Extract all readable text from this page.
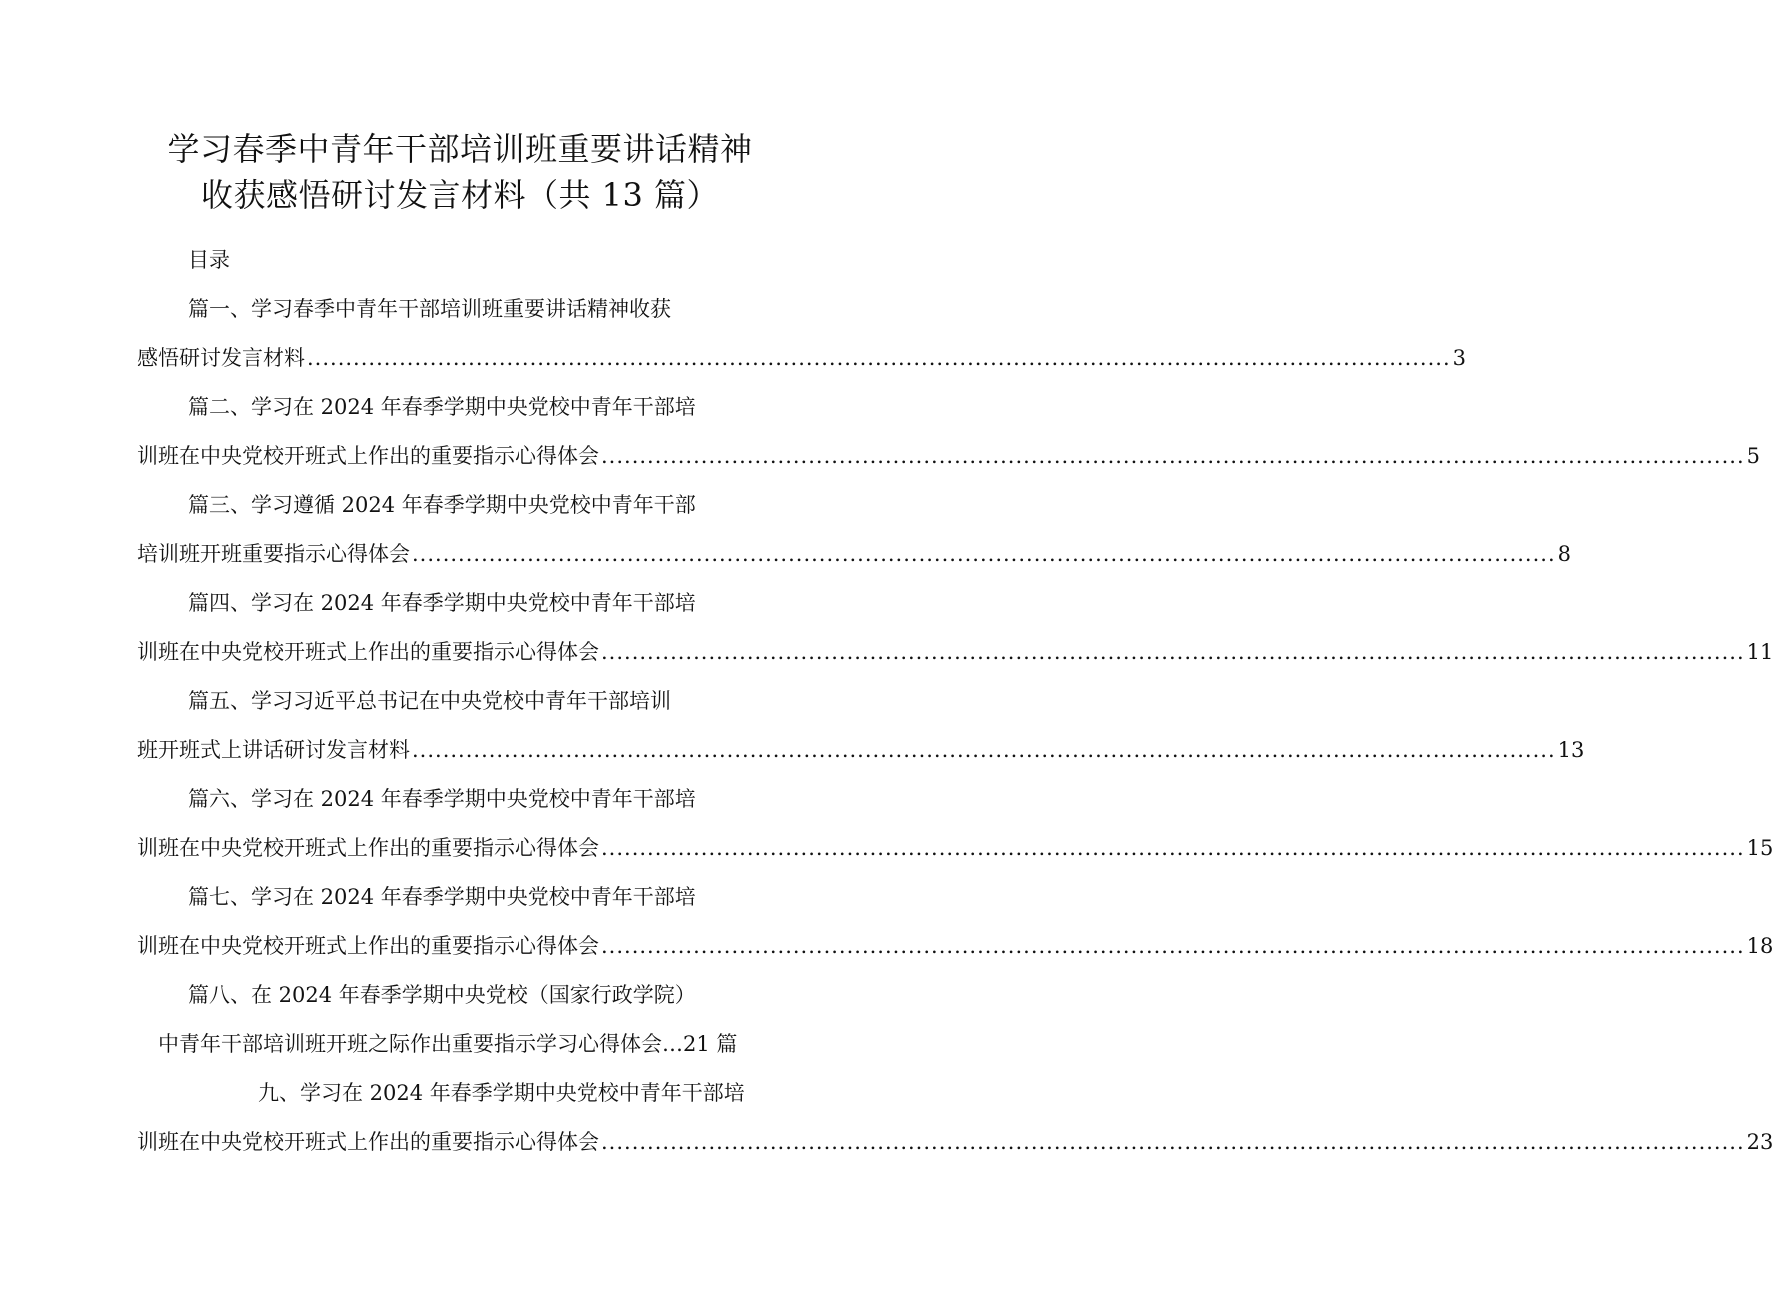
学习春季中青年干部培训班重要讲话精神
收获感悟研讨发言材料（共 13 篇）
目录
篇一、学习春季中青年干部培训班重要讲话精神收获
感悟研讨发言材料 ..................................................................................................................................................... 3
篇二、学习在 2024 年春季学期中央党校中青年干部培
训班在中央党校开班式上作出的重要指示心得体会 ..................................................................................................................................................... 5
篇三、学习遵循 2024 年春季学期中央党校中青年干部
培训班开班重要指示心得体会 ..................................................................................................................................................... 8
篇四、学习在 2024 年春季学期中央党校中青年干部培
训班在中央党校开班式上作出的重要指示心得体会 ..................................................................................................................................................... 11
篇五、学习习近平总书记在中央党校中青年干部培训
班开班式上讲话研讨发言材料 ..................................................................................................................................................... 13
篇六、学习在 2024 年春季学期中央党校中青年干部培
训班在中央党校开班式上作出的重要指示心得体会 ..................................................................................................................................................... 15
篇七、学习在 2024 年春季学期中央党校中青年干部培
训班在中央党校开班式上作出的重要指示心得体会 ..................................................................................................................................................... 18
篇八、在 2024 年春季学期中央党校（国家行政学院）
中青年干部培训班开班之际作出重要指示学习心得体会…21 篇
九、学习在 2024 年春季学期中央党校中青年干部培
训班在中央党校开班式上作出的重要指示心得体会 ..................................................................................................................................................... 23
